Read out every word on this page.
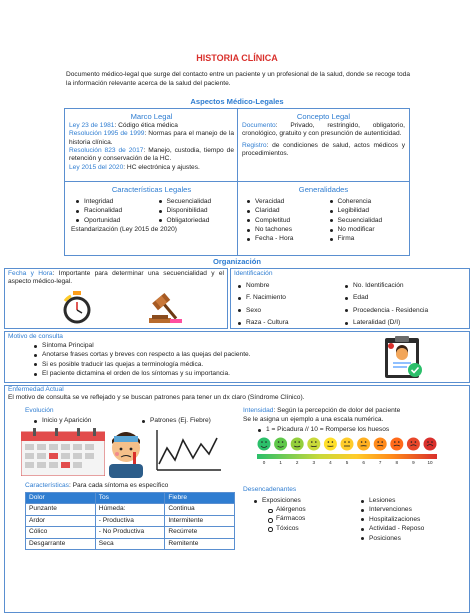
HISTORIA CLÍNICA
Documento médico-legal que surge del contacto entre un paciente y un profesional de la salud, donde se recoge toda la información relevante acerca de la salud del paciente.
Aspectos Médico-Legales
Marco Legal
Ley 23 de 1981: Código ética médica
Resolución 1995 de 1999: Normas para el manejo de la historia clínica.
Resolución 823 de 2017: Manejo, custodia, tiempo de retención y conservación de la HC.
Ley 2015 del 2020: HC electrónica y ajustes.
Concepto Legal
Documento: Privado, restringido, obligatorio, cronológico, gratuito y con presunción de autenticidad.
Registro: de condiciones de salud, actos médicos y procedimientos.
Características Legales
Integridad
Racionalidad
Oportunidad
Secuencialidad
Disponibilidad
Obligatoriedad
Estandarización (Ley 2015 de 2020)
Generalidades
Veracidad
Claridad
Completitud
No tachones
Fecha - Hora
Coherencia
Legibilidad
Secuencialidad
No modificar
Firma
Organización
Fecha y Hora: Importante para determinar una secuencialidad y el aspecto médico-legal.
Identificación
Nombre
F. Nacimiento
Sexo
Raza - Cultura
No. Identificación
Edad
Procedencia - Residencia
Lateralidad (D/I)
Motivo de consulta
Síntoma Principal
Anotarse frases cortas y breves con respecto a las quejas del paciente.
Si es posible traducir las quejas a terminología médica.
El paciente dictamina el orden de los síntomas y su importancia.
Enfermedad Actual
El motivo de consulta se ve reflejado y se buscan patrones para tener un dx claro (Síndrome Clínico).
Evolución
Inicio y Aparición	Patrones (Ej. Fiebre)
Intensidad: Según la percepción de dolor del paciente
Se le asigna un ejemplo a una escala numérica.
1 = Picadura // 10 = Romperse los huesos
0	1	2	3	4	5	6	7	8	9	10
Características: Para cada síntoma es específico
Dolor	Tos	Fiebre
Punzante	Húmeda:	Continua
Ardor	- Productiva	Intermitente
Cólico	- No Productiva	Recúrrete
Desgarrante	Seca	Remitente
Desencadenantes
Exposiciones
Alérgenos
Fármacos
Tóxicos
Lesiones
Intervenciones
Hospitalizaciones
Actividad - Reposo
Posiciones
